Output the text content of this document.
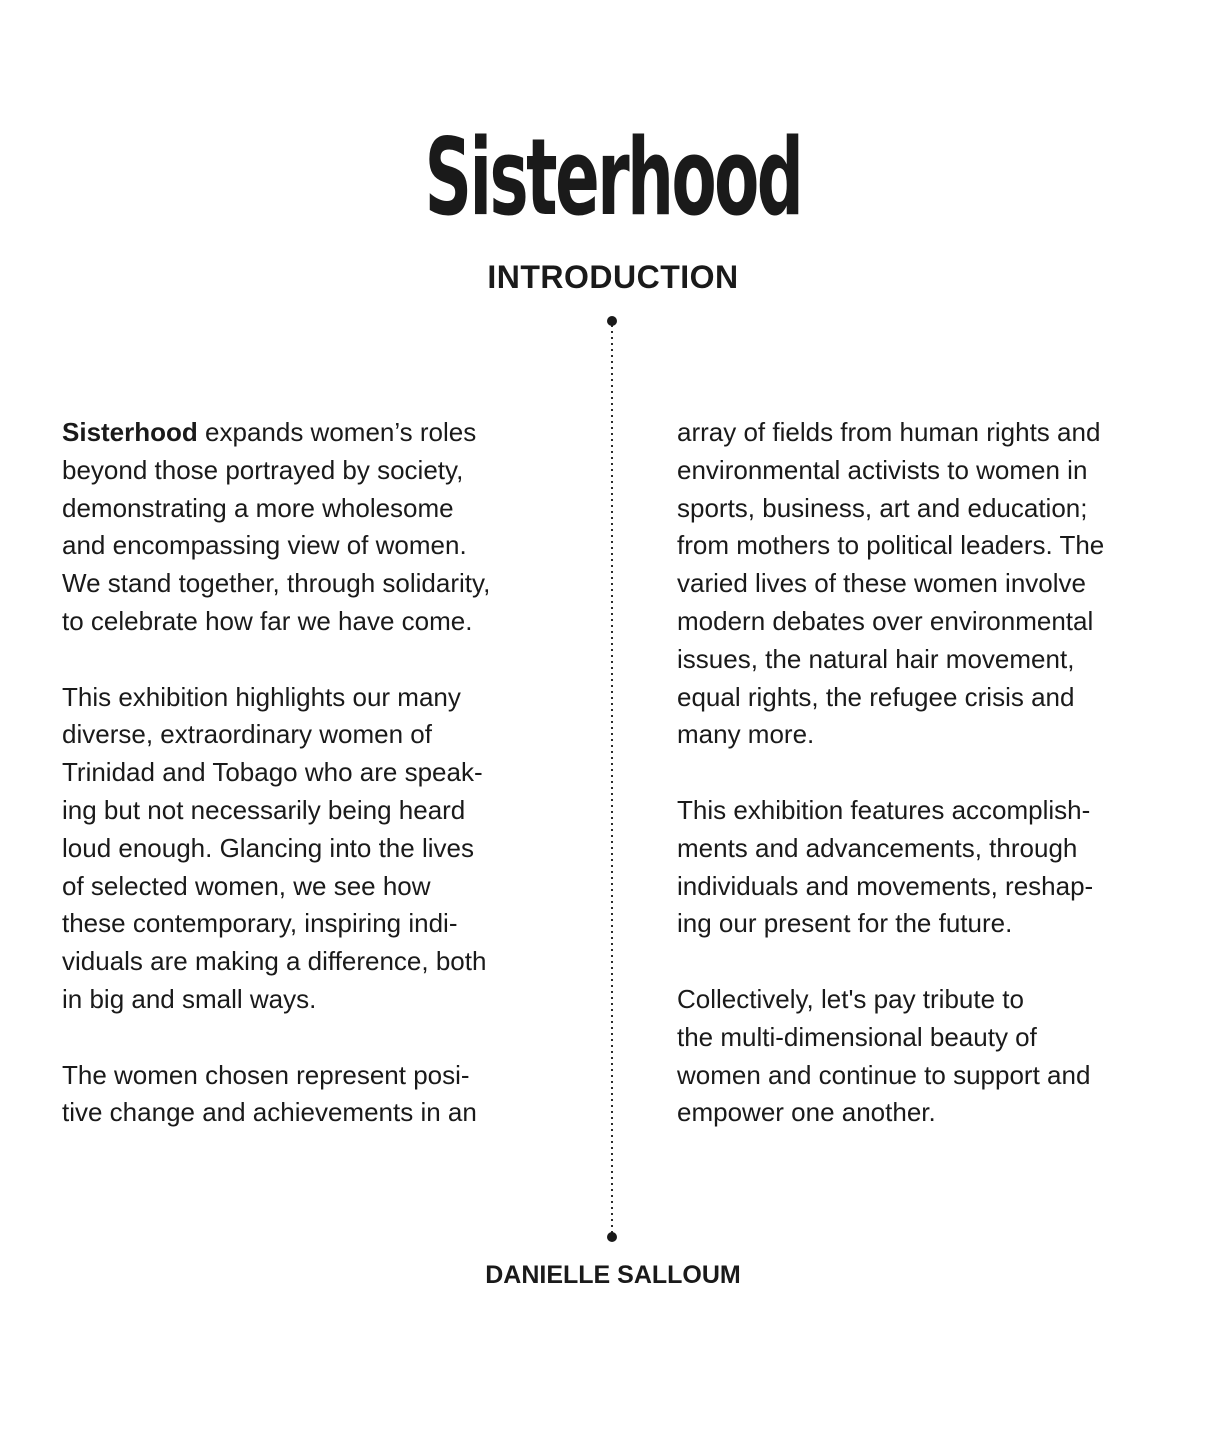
Sisterhood
INTRODUCTION

Sisterhood expands women’s roles
beyond those portrayed by society,
demonstrating a more wholesome
and encompassing view of women.
We stand together, through solidarity,
to celebrate how far we have come.

This exhibition highlights our many
diverse, extraordinary women of
Trinidad and Tobago who are speak-
ing but not necessarily being heard
loud enough. Glancing into the lives
of selected women, we see how
these contemporary, inspiring indi-
viduals are making a difference, both
in big and small ways.

The women chosen represent posi-
tive change and achievements in an

array of fields from human rights and
environmental activists to women in
sports, business, art and education;
from mothers to political leaders. The
varied lives of these women involve
modern debates over environmental
issues, the natural hair movement,
equal rights, the refugee crisis and
many more.

This exhibition features accomplish-
ments and advancements, through
individuals and movements, reshap-
ing our present for the future.

Collectively, let's pay tribute to
the multi-dimensional beauty of
women and continue to support and
empower one another.

DANIELLE SALLOUM
